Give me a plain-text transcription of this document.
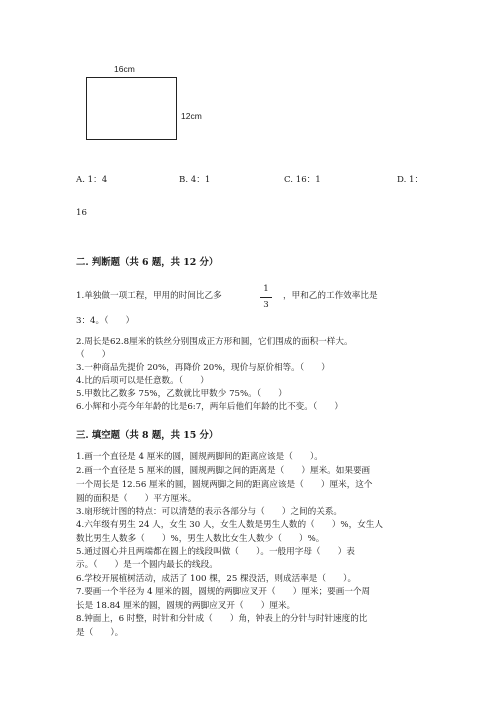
16cm
12cm
A. 1：4	B. 4：1	C. 16：1	D. 1：
16
二. 判断题（共 6 题，共 12 分）
1.单独做一项工程，甲用的时间比乙多
1
3
，甲和乙的工作效率比是
3：4。（　　）
2.周长是62.8厘米的铁丝分别围成正方形和圆，它们围成的面积一样大。
（　　）
3.一种商品先提价 20%，再降价 20%，现价与原价相等。（　　）
4.比的后项可以是任意数。（　　）
5.甲数比乙数多 75%，乙数就比甲数少 75%。（　　）
6.小辉和小亮今年年龄的比是6:7，两年后他们年龄的比不变。（　　）
三. 填空题（共 8 题，共 15 分）
1.画一个直径是 4 厘米的圆，圆规两脚间的距离应该是（　　）。
2.画一个直径是 5 厘米的圆，圆规两脚之间的距离是（　　）厘米。如果要画
一个周长是 12.56 厘米的圆，圆规两脚之间的距离应该是（　　）厘米，这个
圆的面积是（　　）平方厘米。
3.扇形统计图的特点：可以清楚的表示各部分与（　　）之间的关系。
4.六年级有男生 24 人，女生 30 人，女生人数是男生人数的（　　）%，女生人
数比男生人数多（　　）%，男生人数比女生人数少（　　）%。
5.通过圆心并且两端都在圆上的线段叫做（　　）。一般用字母（　　）表
示。（　　）是一个圆内最长的线段。
6.学校开展植树活动，成活了 100 棵，25 棵没活，则成活率是（　　）。
7.要画一个半径为 4 厘米的圆，圆规的两脚应叉开（　　）厘米；要画一个周
长是 18.84 厘米的圆，圆规的两脚应叉开（　　）厘米。
8.钟面上，6 时整，时针和分针成（　　）角，钟表上的分针与时针速度的比
是（　　）。
